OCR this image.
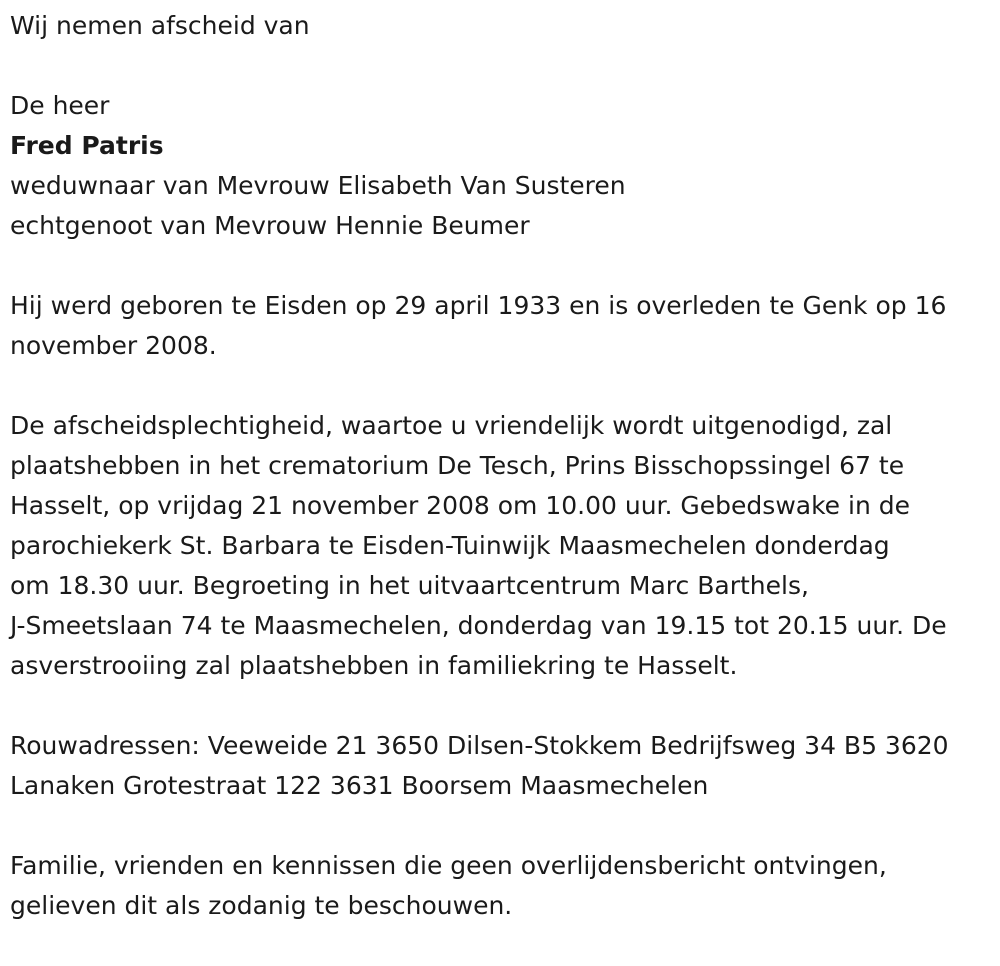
Wij nemen afscheid van

De heer

Fred Patris

weduwnaar van Mevrouw Elisabeth Van Susteren

echtgenoot van Mevrouw Hennie Beumer

Hij werd geboren te Eisden op 29 april 1933 en is overleden te Genk op 16

november 2008.

De afscheidsplechtigheid, waartoe u vriendelijk wordt uitgenodigd, zal

plaatshebben in het crematorium De Tesch, Prins Bisschopssingel 67 te

Hasselt, op vrijdag 21 november 2008 om 10.00 uur. Gebedswake in de

parochiekerk St. Barbara te Eisden-Tuinwijk Maasmechelen donderdag

om 18.30 uur. Begroeting in het uitvaartcentrum Marc Barthels,

J-Smeetslaan 74 te Maasmechelen, donderdag van 19.15 tot 20.15 uur. De

asverstrooiing zal plaatshebben in familiekring te Hasselt.

Rouwadressen: Veeweide 21 3650 Dilsen-Stokkem Bedrijfsweg 34 B5 3620

Lanaken Grotestraat 122 3631 Boorsem Maasmechelen

Familie, vrienden en kennissen die geen overlijdensbericht ontvingen,

gelieven dit als zodanig te beschouwen.
